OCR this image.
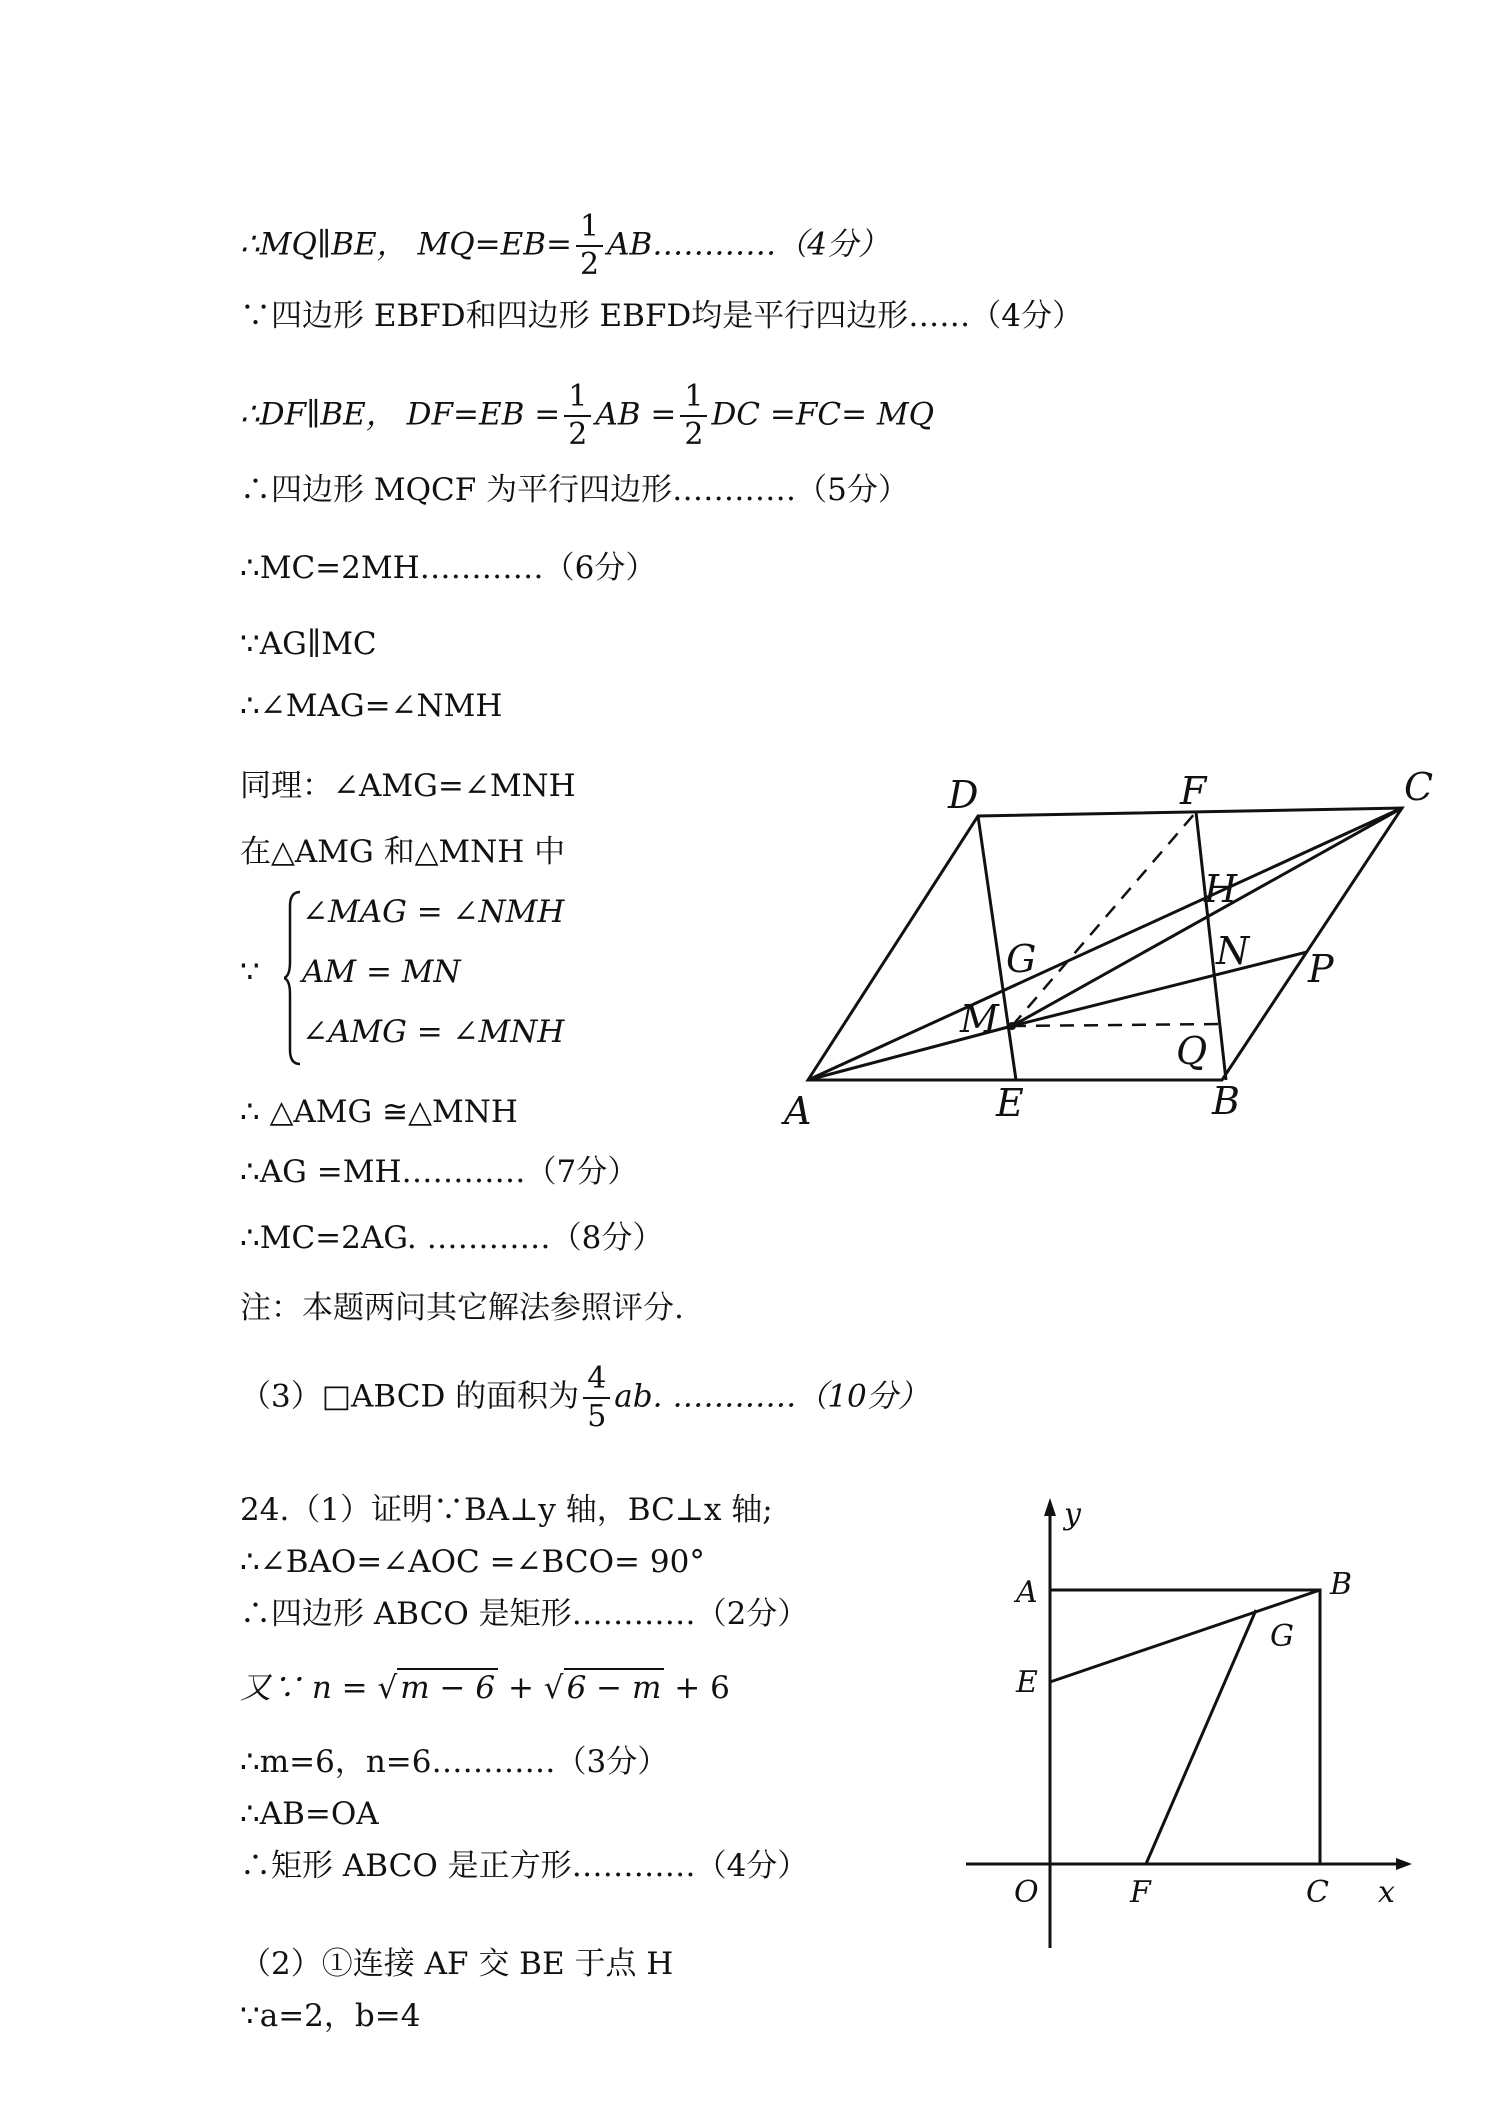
∴MQ∥BE， $MQ=EB= \frac{1}{2}$ AB…………（4分）
∵四边形 EBFD和四边形 EBFD均是平行四边形……（4分）
∴DF∥BE， $DF=EB = \frac{1}{2}$ AB = $\frac{1}{2}$ DC =FC= MQ
∴四边形 MQCF 为平行四边形…………（5分）
∴MC=2MH…………（6分）
∵AG∥MC
∴∠MAG=∠NMH
同理：∠AMG=∠MNH
在△AMG 和△MNH 中
∵
∠MAG = ∠NMH
AM = MN
∠AMG = ∠MNH
∴ △AMG ≅△MNH
∴AG =MH…………（7分）
∴MC=2AG. …………（8分）
注：本题两问其它解法参照评分.
（3）□ABCD 的面积为 $\frac{4}{5}$ ab. …………（10分）
24.（1）证明∵BA⊥y 轴，BC⊥x 轴;
∴∠BAO=∠AOC =∠BCO= 90°
∴四边形 ABCO 是矩形…………（2分）
又∵ n = √m − 6 + √6 − m + 6
∴m=6，n=6…………（3分）
∴AB=OA
∴矩形 ABCO 是正方形…………（4分）
（2）①连接 AF 交 BE 于点 H
∵a=2，b=4
A	B
C
D
E
F
G
H
M
N P
Q
y
A	B
E
G
O	F	C x
